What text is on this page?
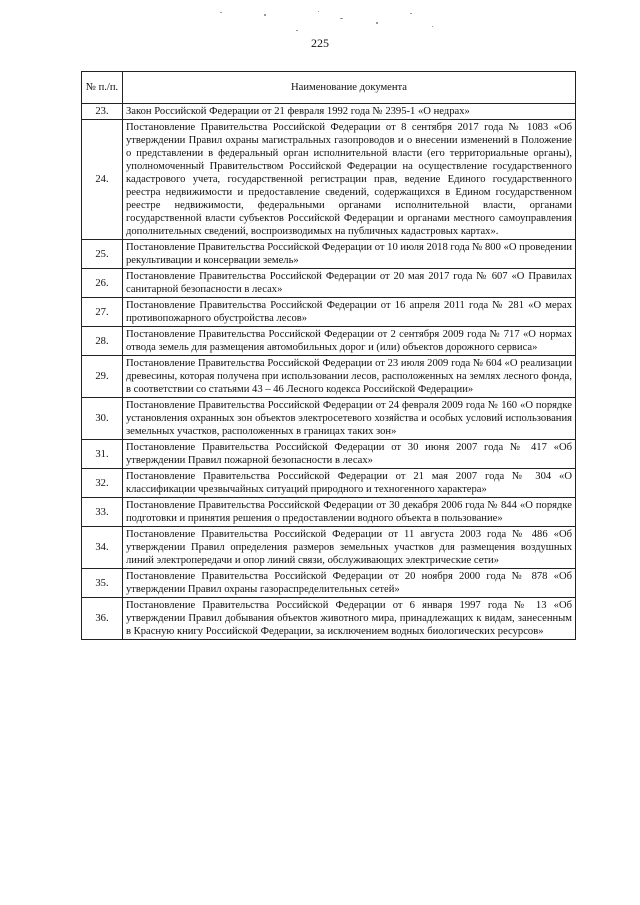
225
№ п./п.	Наименование документа
23.	Закон Российской Федерации от 21 февраля 1992 года № 2395-1 «О недрах»
24.	Постановление Правительства Российской Федерации от 8 сентября 2017 года № 1083 «Об утверждении Правил охраны магистральных газопроводов и о внесении изменений в Положение о представлении в федеральный орган исполнительной власти (его территориальные органы), уполномоченный Правительством Российской Федерации на осуществление государственного кадастрового учета, государственной регистрации прав, ведение Единого государственного реестра недвижимости и предоставление сведений, содержащихся в Едином государственном реестре недвижимости, федеральными органами исполнительной власти, органами государственной власти субъектов Российской Федерации и органами местного самоуправления дополнительных сведений, воспроизводимых на публичных кадастровых картах».
25.	Постановление Правительства Российской Федерации от 10 июля 2018 года № 800 «О проведении рекультивации и консервации земель»
26.	Постановление Правительства Российской Федерации от 20 мая 2017 года № 607 «О Правилах санитарной безопасности в лесах»
27.	Постановление Правительства Российской Федерации от 16 апреля 2011 года № 281 «О мерах противопожарного обустройства лесов»
28.	Постановление Правительства Российской Федерации от 2 сентября 2009 года № 717 «О нормах отвода земель для размещения автомобильных дорог и (или) объектов дорожного сервиса»
29.	Постановление Правительства Российской Федерации от 23 июля 2009 года № 604 «О реализации древесины, которая получена при использовании лесов, расположенных на землях лесного фонда, в соответствии со статьями 43 – 46 Лесного кодекса Российской Федерации»
30.	Постановление Правительства Российской Федерации от 24 февраля 2009 года № 160 «О порядке установления охранных зон объектов электросетевого хозяйства и особых условий использования земельных участков, расположенных в границах таких зон»
31.	Постановление Правительства Российской Федерации от 30 июня 2007 года № 417 «Об утверждении Правил пожарной безопасности в лесах»
32.	Постановление Правительства Российской Федерации от 21 мая 2007 года № 304 «О классификации чрезвычайных ситуаций природного и техногенного характера»
33.	Постановление Правительства Российской Федерации от 30 декабря 2006 года № 844 «О порядке подготовки и принятия решения о предоставлении водного объекта в пользование»
34.	Постановление Правительства Российской Федерации от 11 августа 2003 года № 486 «Об утверждении Правил определения размеров земельных участков для размещения воздушных линий электропередачи и опор линий связи, обслуживающих электрические сети»
35.	Постановление Правительства Российской Федерации от 20 ноября 2000 года № 878 «Об утверждении Правил охраны газораспределительных сетей»
36.	Постановление Правительства Российской Федерации от 6 января 1997 года № 13 «Об утверждении Правил добывания объектов животного мира, принадлежащих к видам, занесенным в Красную книгу Российской Федерации, за исключением водных биологических ресурсов»
